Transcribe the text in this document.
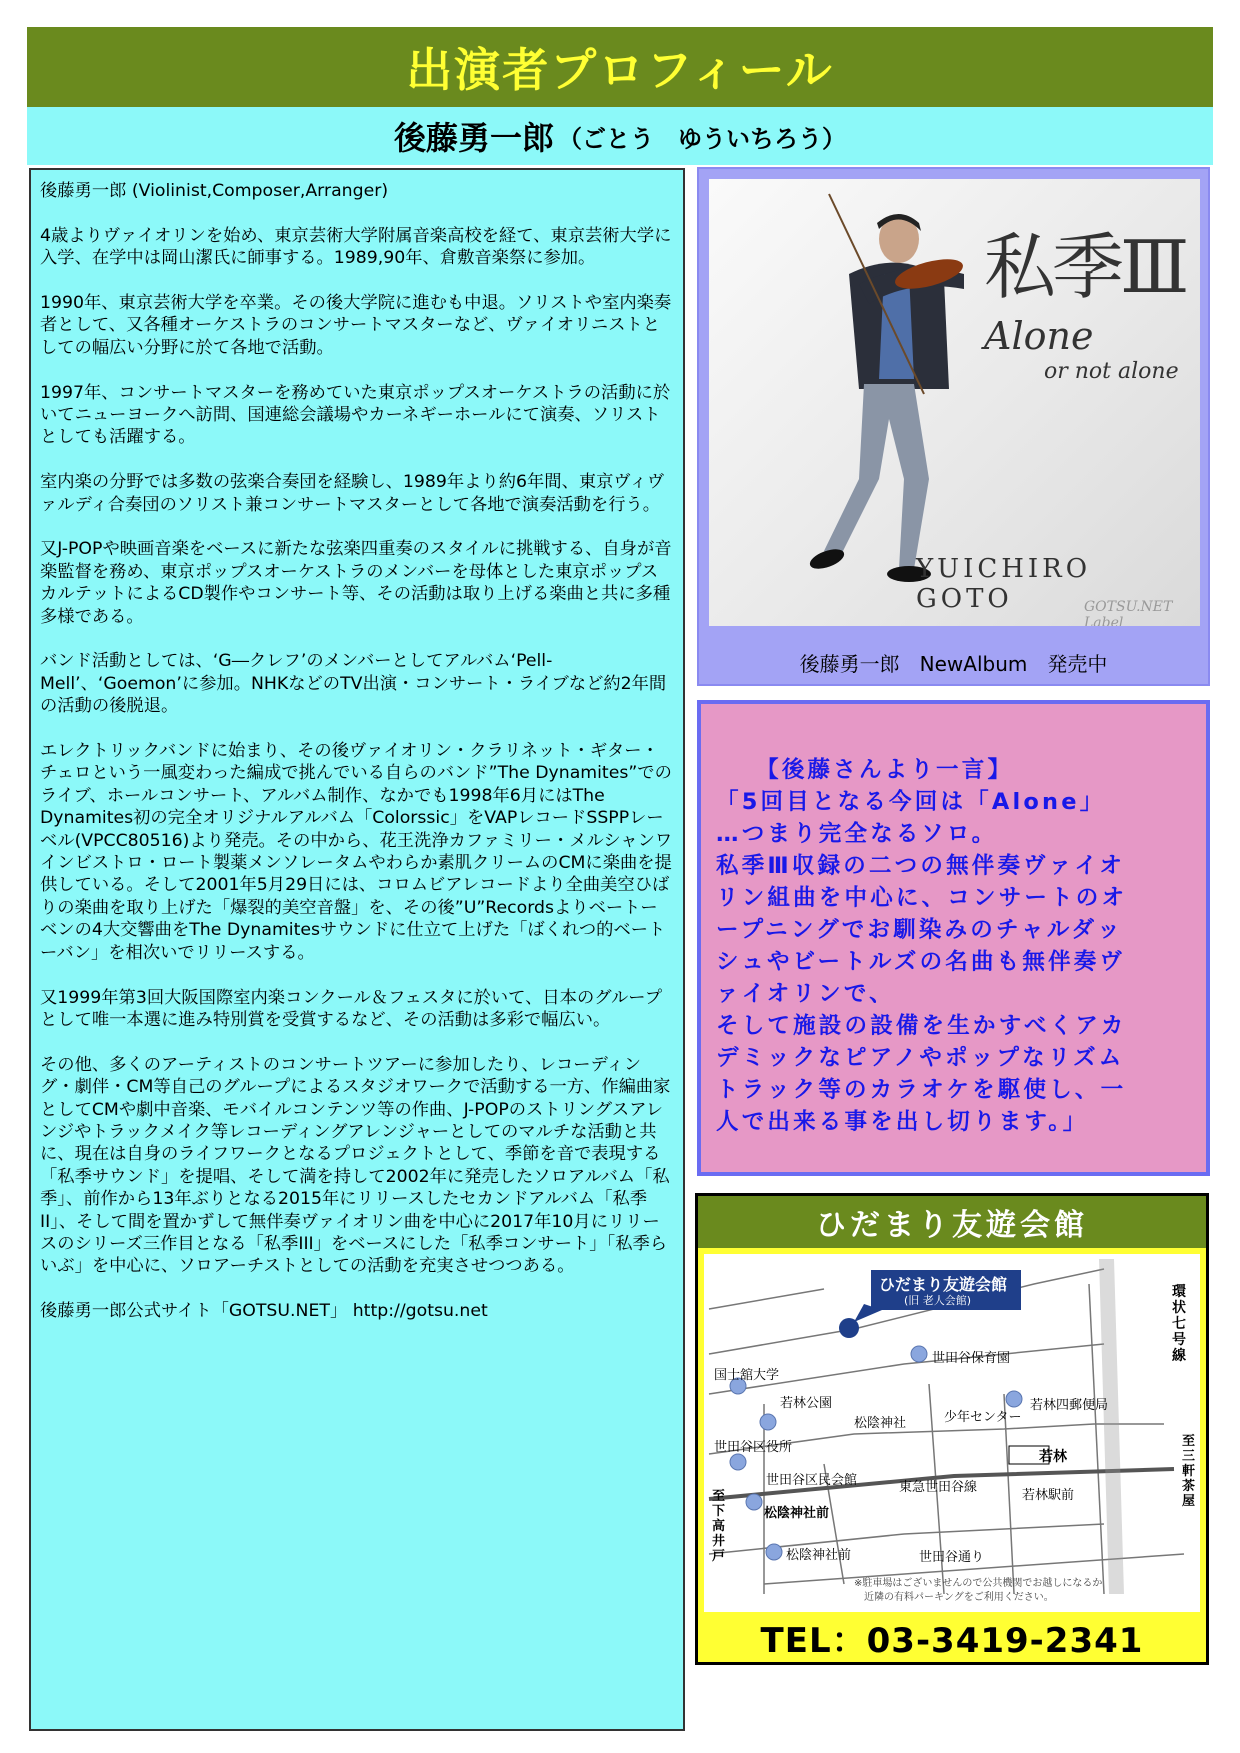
出演者プロフィール
後藤勇一郎 （ごとう　ゆういちろう）

後藤勇一郎 (Violinist,Composer,Arranger)

4歳よりヴァイオリンを始め、東京芸術大学附属音楽高校を経て、東京芸術大学に入学、在学中は岡山潔氏に師事する。1989,90年、倉敷音楽祭に参加。

1990年、東京芸術大学を卒業。その後大学院に進むも中退。ソリストや室内楽奏者として、又各種オーケストラのコンサートマスターなど、ヴァイオリニストとしての幅広い分野に於て各地で活動。

1997年、コンサートマスターを務めていた東京ポップスオーケストラの活動に於いてニューヨークへ訪問、国連総会議場やカーネギーホールにて演奏、ソリストとしても活躍する。

室内楽の分野では多数の弦楽合奏団を経験し、1989年より約6年間、東京ヴィヴァルディ合奏団のソリスト兼コンサートマスターとして各地で演奏活動を行う。

又J-POPや映画音楽をベースに新たな弦楽四重奏のスタイルに挑戦する、自身が音楽監督を務め、東京ポップスオーケストラのメンバーを母体とした東京ポップスカルテットによるCD製作やコンサート等、その活動は取り上げる楽曲と共に多種多様である。

バンド活動としては、‘G―クレフ’のメンバーとしてアルバム‘Pell-Mell’、‘Goemon’に参加。NHKなどのTV出演・コンサート・ライブなど約2年間の活動の後脱退。

エレクトリックバンドに始まり、その後ヴァイオリン・クラリネット・ギター・チェロという一風変わった編成で挑んでいる自らのバンド”The Dynamites”でのライブ、ホールコンサート、アルバム制作、なかでも1998年6月にはThe Dynamites初の完全オリジナルアルバム「Colorssic」をVAPレコードSSPPレーベル(VPCC80516)より発売。その中から、花王洗浄カファミリー・メルシャンワインビストロ・ロート製薬メンソレータムやわらか素肌クリームのCMに楽曲を提供している。そして2001年5月29日には、コロムビアレコードより全曲美空ひばりの楽曲を取り上げた「爆裂的美空音盤」を、その後”U”Recordsよりベートーベンの4大交響曲をThe Dynamitesサウンドに仕立て上げた「ばくれつ的ベートーバン」を相次いでリリースする。

又1999年第3回大阪国際室内楽コンクール＆フェスタに於いて、日本のグループとして唯一本選に進み特別賞を受賞するなど、その活動は多彩で幅広い。

その他、多くのアーティストのコンサートツアーに参加したり、レコーディング・劇伴・CM等自己のグループによるスタジオワークで活動する一方、作編曲家としてCMや劇中音楽、モバイルコンテンツ等の作曲、J-POPのストリングスアレンジやトラックメイク等レコーディングアレンジャーとしてのマルチな活動と共に、現在は自身のライフワークとなるプロジェクトとして、季節を音で表現する「私季サウンド」を提唱、そして満を持して2002年に発売したソロアルバム「私季」、前作から13年ぶりとなる2015年にリリースしたセカンドアルバム「私季II」、そして間を置かずして無伴奏ヴァイオリン曲を中心に2017年10月にリリースのシリーズ三作目となる「私季III」をベースにした「私季コンサート」「私季らいぶ」を中心に、ソロアーチストとしての活動を充実させつつある。

後藤勇一郎公式サイト「GOTSU.NET」 http://gotsu.net

私季Ⅲ
Alone
or not alone
YUICHIRO GOTO	GOTSU.NET Label
後藤勇一郎　NewAlbum　発売中
　　【後藤さんより一言】
「5回目となる今回は「Alone」
…つまり完全なるソロ。
私季Ⅲ収録の二つの無伴奏ヴァイオ
リン組曲を中心に、コンサートのオ
ープニングでお馴染みのチャルダッ
シュやビートルズの名曲も無伴奏ヴ
ァイオリンで、
そして施設の設備を生かすべくアカ
デミックなピアノやポップなリズム
トラック等のカラオケを駆使し、一
人で出来る事を出し切ります。」
ひだまり友遊会館
ひだまり友遊会館
(旧 老人会館)
環状七号線
国士舘大学
世田谷保育園
若林公園
松陰神社	少年センター
若林四郵便局
世田谷区役所	至三軒茶屋
若林
世田谷区民会館	東急世田谷線
若林駅前
至下高井戸
松陰神社前
松陰神社前	世田谷通り
※駐車場はございませんので公共機関でお越しになるか
近隣の有料パーキングをご利用ください。
TEL：03-3419-2341
